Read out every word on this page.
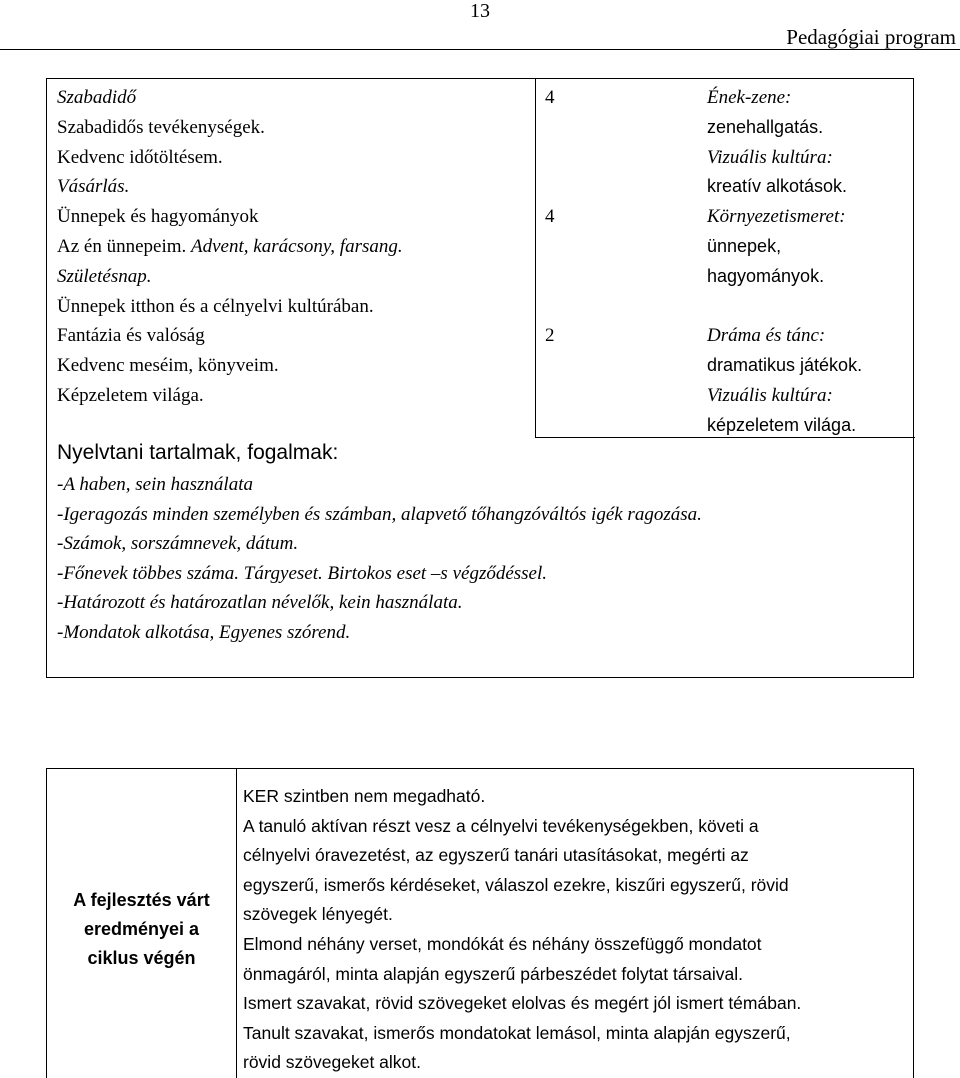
13
Pedagógiai program
Szabadidő
Szabadidős tevékenységek.
Kedvenc időtöltésem.
Vásárlás.
Ünnepek és hagyományok
Az én ünnepeim. Advent, karácsony, farsang.
Születésnap.
Ünnepek itthon és a célnyelvi kultúrában.
Fantázia és valóság
Kedvenc meséim, könyveim.
Képzeletem világa.
4
4
2
Ének-zene:
zenehallgatás.
Vizuális kultúra:
kreatív alkotások.
Környezetismeret:
ünnepek,
hagyományok.

Dráma és tánc:
dramatikus játékok.
Vizuális kultúra:
képzeletem világa.
Nyelvtani tartalmak, fogalmak:
-A haben, sein használata
-Igeragozás minden személyben és számban, alapvető tőhangzóváltós igék ragozása.
-Számok, sorszámnevek, dátum.
-Főnevek többes száma. Tárgyeset. Birtokos eset –s végződéssel.
-Határozott és határozatlan névelők, kein használata.
-Mondatok alkotása, Egyenes szórend.
A fejlesztés várt
eredményei a
ciklus végén
KER szintben nem megadható.
A tanuló aktívan részt vesz a célnyelvi tevékenységekben, követi a
célnyelvi óravezetést, az egyszerű tanári utasításokat, megérti az
egyszerű, ismerős kérdéseket, válaszol ezekre, kiszűri egyszerű, rövid
szövegek lényegét.
Elmond néhány verset, mondókát és néhány összefüggő mondatot
önmagáról, minta alapján egyszerű párbeszédet folytat társaival.
Ismert szavakat, rövid szövegeket elolvas és megért jól ismert témában.
Tanult szavakat, ismerős mondatokat lemásol, minta alapján egyszerű,
rövid szövegeket alkot.
